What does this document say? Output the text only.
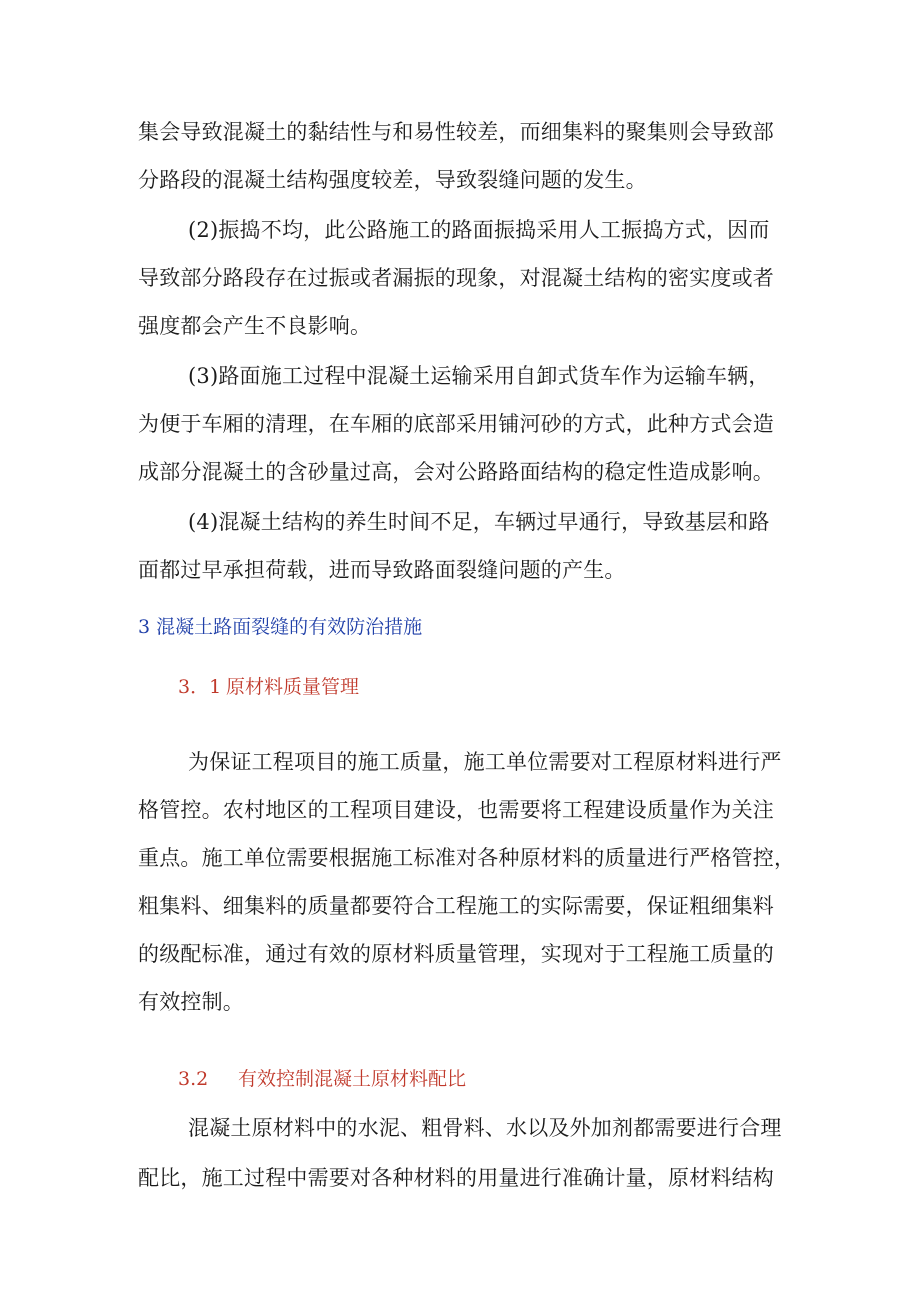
集会导致混凝土的黏结性与和易性较差，而细集料的聚集则会导致部
分路段的混凝土结构强度较差，导致裂缝问题的发生。
(2)振捣不均，此公路施工的路面振捣采用人工振捣方式，因而
导致部分路段存在过振或者漏振的现象，对混凝土结构的密实度或者
强度都会产生不良影响。
(3)路面施工过程中混凝土运输采用自卸式货车作为运输车辆，
为便于车厢的清理，在车厢的底部采用铺河砂的方式，此种方式会造
成部分混凝土的含砂量过高，会对公路路面结构的稳定性造成影响。
(4)混凝土结构的养生时间不足，车辆过早通行，导致基层和路
面都过早承担荷载，进而导致路面裂缝问题的产生。
3 混凝土路面裂缝的有效防治措施
3．1 原材料质量管理
为保证工程项目的施工质量，施工单位需要对工程原材料进行严
格管控。农村地区的工程项目建设，也需要将工程建设质量作为关注
重点。施工单位需要根据施工标准对各种原材料的质量进行严格管控，
粗集料、细集料的质量都要符合工程施工的实际需要，保证粗细集料
的级配标准，通过有效的原材料质量管理，实现对于工程施工质量的
有效控制。
3.2 有效控制混凝土原材料配比
混凝土原材料中的水泥、粗骨料、水以及外加剂都需要进行合理
配比，施工过程中需要对各种材料的用量进行准确计量，原材料结构
